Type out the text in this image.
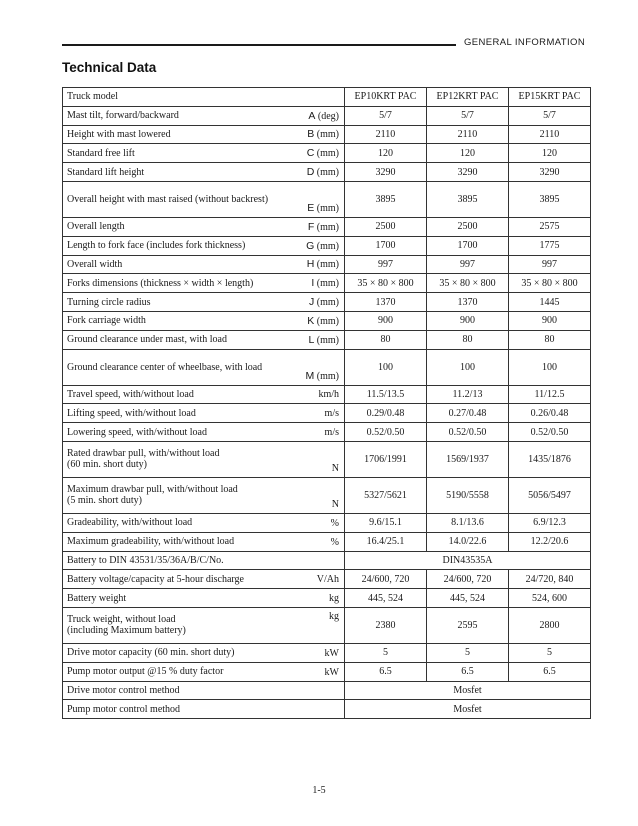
GENERAL INFORMATION
Technical Data
Truck model	EP10KRT PAC	EP12KRT PAC	EP15KRT PAC

Mast tilt, forward/backward A (deg)	5/7	5/7	5/7

Height with mast lowered B (mm)	2110	2110	2110

Standard free lift C (mm)	120	120	120

Standard lift height D (mm)	3290	3290	3290

Overall height with mast raised (without backrest)
E (mm)	3895	3895	3895

Overall length F (mm)	2500	2500	2575

Length to fork face (includes fork thickness) G (mm)	1700	1700	1775

Overall width H (mm)	997	997	997

Forks dimensions (thickness × width × length) I (mm)	35 × 80 × 800	35 × 80 × 800	35 × 80 × 800

Turning circle radius J (mm)	1370	1370	1445

Fork carriage width K (mm)	900	900	900

Ground clearance under mast, with load L (mm)	80	80	80

Ground clearance center of wheelbase, with load
M (mm)	100	100	100

Travel speed, with/without load km/h	11.5/13.5	11.2/13	11/12.5

Lifting speed, with/without load m/s	0.29/0.48	0.27/0.48	0.26/0.48

Lowering speed, with/without load m/s	0.52/0.50	0.52/0.50	0.52/0.50

Rated drawbar pull, with/without load
(60 min. short duty) N	1706/1991	1569/1937	1435/1876

Maximum drawbar pull, with/without load
(5 min. short duty) N	5327/5621	5190/5558	5056/5497

Gradeability, with/without load %	9.6/15.1	8.1/13.6	6.9/12.3

Maximum gradeability, with/without load %	16.4/25.1	14.0/22.6	12.2/20.6

Battery to DIN 43531/35/36A/B/C/No.	DIN43535A		

Battery voltage/capacity at 5-hour discharge V/Ah	24/600, 720	24/600, 720	24/720, 840

Battery weight kg	445, 524	445, 524	524, 600

Truck weight, without load
(including Maximum battery)
kg	2380	2595	2800

Drive motor capacity (60 min. short duty) kW	5	5	5

Pump motor output @15 % duty factor kW	6.5	6.5	6.5

Drive motor control method	Mosfet		

Pump motor control method	Mosfet		
1-5
